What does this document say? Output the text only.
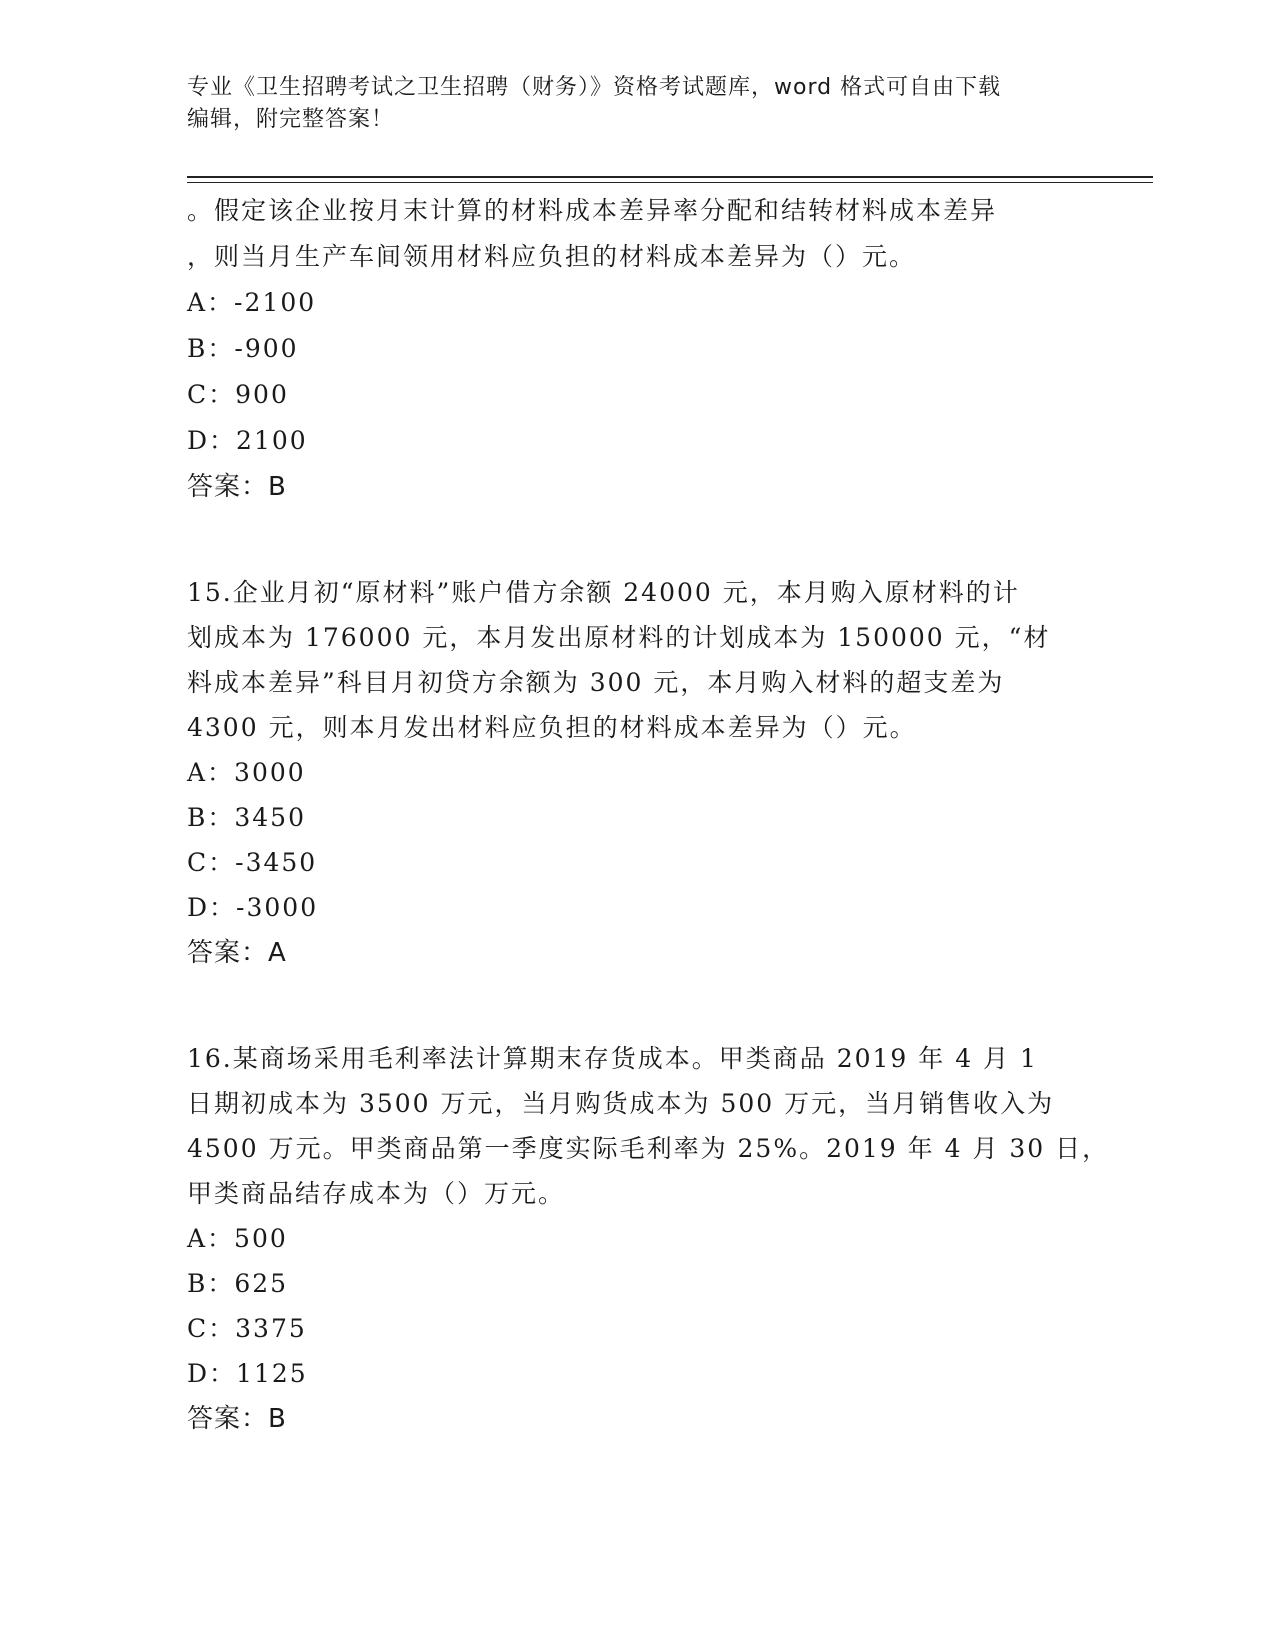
专业《卫生招聘考试之卫生招聘（财务）》资格考试题库，word 格式可自由下载
编辑，附完整答案！
。假定该企业按月末计算的材料成本差异率分配和结转材料成本差异
，则当月生产车间领用材料应负担的材料成本差异为（）元。
A：-2100
B：-900
C：900
D：2100
答案：B
15.企业月初“原材料”账户借方余额 24000 元，本月购入原材料的计
划成本为 176000 元，本月发出原材料的计划成本为 150000 元，“材
料成本差异”科目月初贷方余额为 300 元，本月购入材料的超支差为
4300 元，则本月发出材料应负担的材料成本差异为（）元。
A：3000
B：3450
C：-3450
D：-3000
答案：A
16.某商场采用毛利率法计算期末存货成本。甲类商品 2019 年 4 月 1
日期初成本为 3500 万元，当月购货成本为 500 万元，当月销售收入为
4500 万元。甲类商品第一季度实际毛利率为 25%。2019 年 4 月 30 日，
甲类商品结存成本为（）万元。
A：500
B：625
C：3375
D：1125
答案：B
